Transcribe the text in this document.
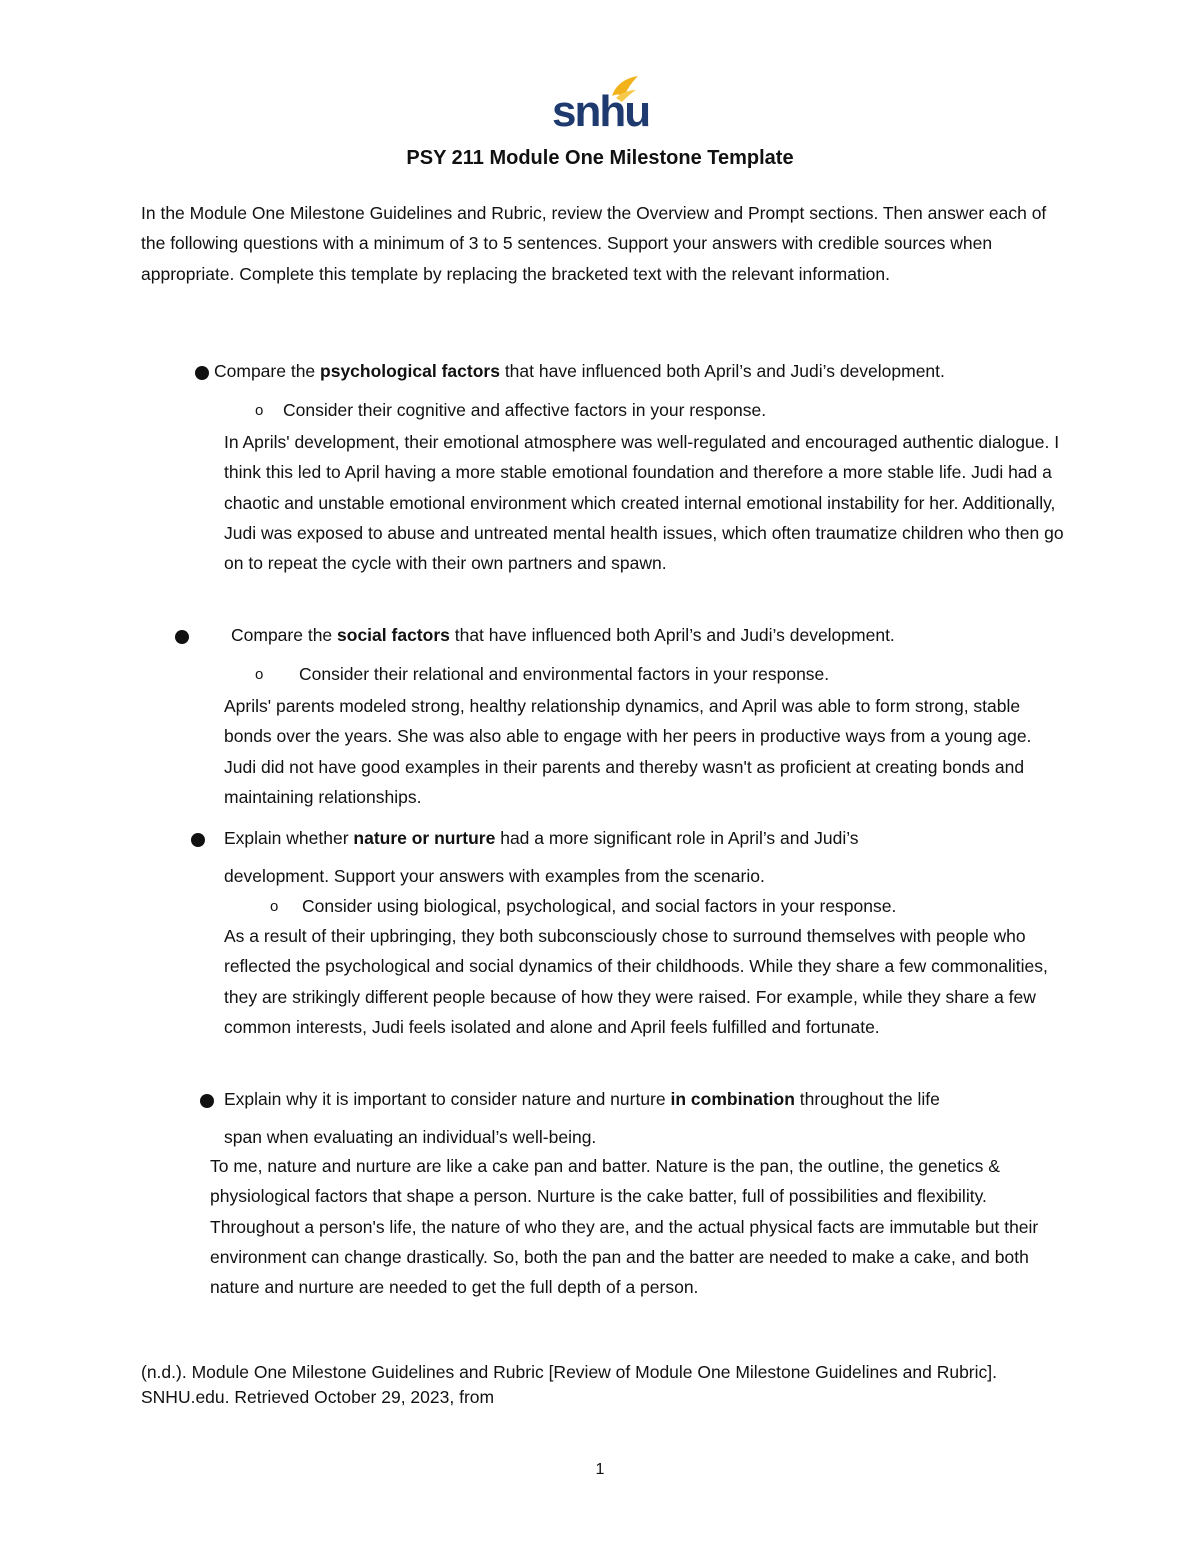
snhu
PSY 211 Module One Milestone Template

In the Module One Milestone Guidelines and Rubric, review the Overview and Prompt sections. Then answer each of the following questions with a minimum of 3 to 5 sentences. Support your answers with credible sources when appropriate. Complete this template by replacing the bracketed text with the relevant information.

Compare the psychological factors that have influenced both April’s and Judi’s development.
o Consider their cognitive and affective factors in your response.

In Aprils' development, their emotional atmosphere was well-regulated and encouraged authentic dialogue. I think this led to April having a more stable emotional foundation and therefore a more stable life. Judi had a chaotic and unstable emotional environment which created internal emotional instability for her. Additionally, Judi was exposed to abuse and untreated mental health issues, which often traumatize children who then go on to repeat the cycle with their own partners and spawn.

Compare the social factors that have influenced both April’s and Judi’s development.
o Consider their relational and environmental factors in your response.

Aprils' parents modeled strong, healthy relationship dynamics, and April was able to form strong, stable bonds over the years. She was also able to engage with her peers in productive ways from a young age. Judi did not have good examples in their parents and thereby wasn't as proficient at creating bonds and maintaining relationships.

Explain whether nature or nurture had a more significant role in April’s and Judi’s
development. Support your answers with examples from the scenario.
o Consider using biological, psychological, and social factors in your response.

As a result of their upbringing, they both subconsciously chose to surround themselves with people who reflected the psychological and social dynamics of their childhoods. While they share a few commonalities, they are strikingly different people because of how they were raised. For example, while they share a few common interests, Judi feels isolated and alone and April feels fulfilled and fortunate.

Explain why it is important to consider nature and nurture in combination throughout the life
span when evaluating an individual’s well-being.

To me, nature and nurture are like a cake pan and batter. Nature is the pan, the outline, the genetics & physiological factors that shape a person. Nurture is the cake batter, full of possibilities and flexibility. Throughout a person's life, the nature of who they are, and the actual physical facts are immutable but their environment can change drastically. So, both the pan and the batter are needed to make a cake, and both nature and nurture are needed to get the full depth of a person.

(n.d.). Module One Milestone Guidelines and Rubric [Review of Module One Milestone Guidelines and Rubric]. SNHU.edu. Retrieved October 29, 2023, from

1
